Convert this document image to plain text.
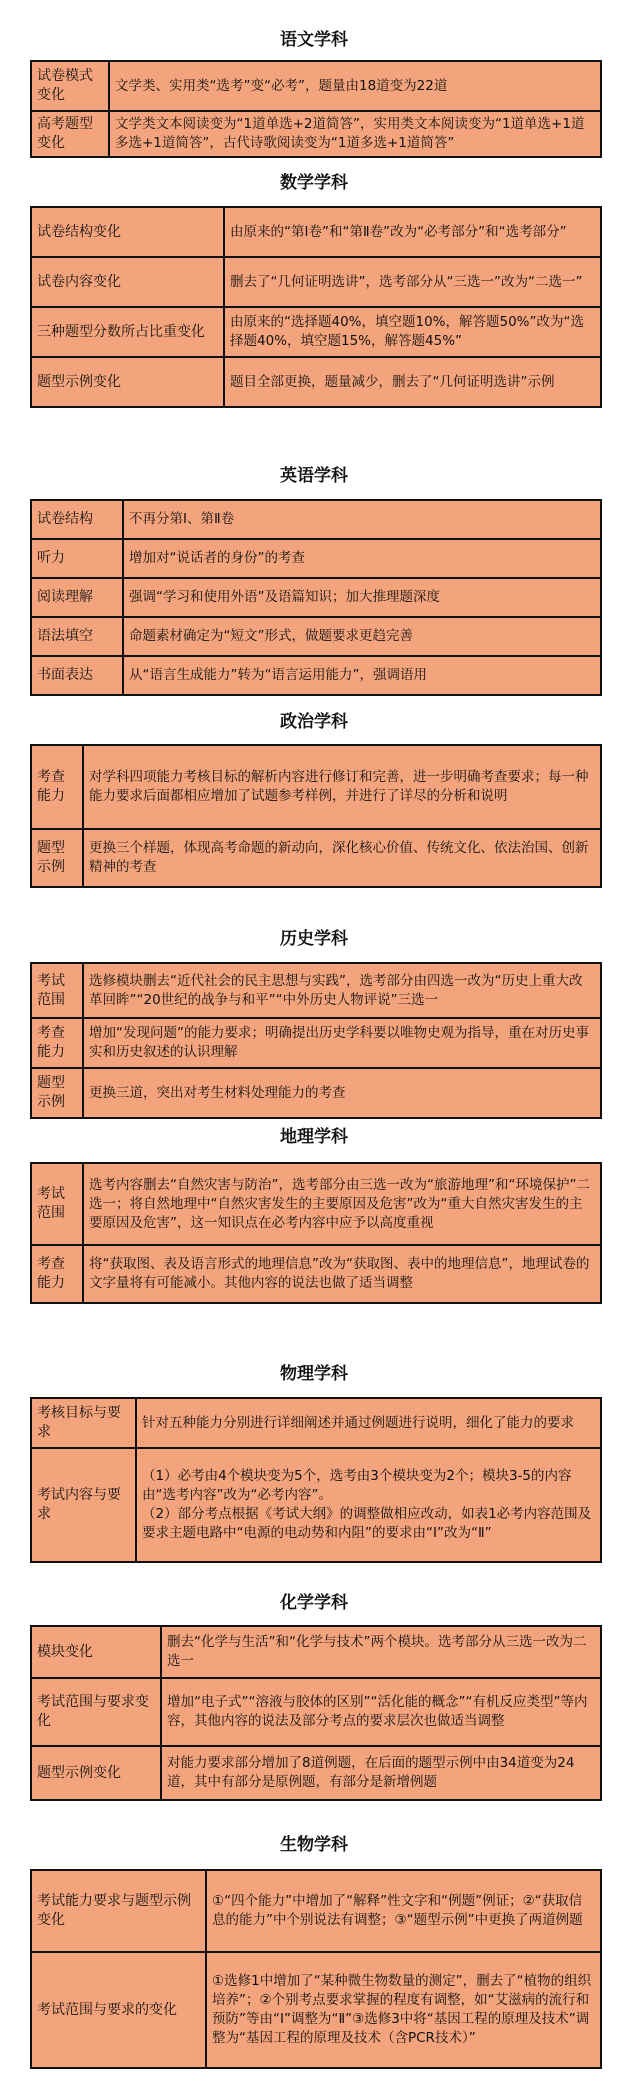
语文学科
试卷模式变化	文学类、实用类“选考”变“必考”，题量由18道变为22道
高考题型变化	文学类文本阅读变为“1道单选+2道简答”，实用类文本阅读变为“1道单选+1道多选+1道简答”，古代诗歌阅读变为“1道多选+1道简答”
数学学科
试卷结构变化	由原来的“第Ⅰ卷”和“第Ⅱ卷”改为“必考部分”和“选考部分”
试卷内容变化	删去了“几何证明选讲”，选考部分从“三选一”改为“二选一”
三种题型分数所占比重变化	由原来的“选择题40%，填空题10%，解答题50%”改为“选择题40%，填空题15%，解答题45%”
题型示例变化	题目全部更换，题量减少，删去了“几何证明选讲”示例
英语学科
试卷结构	不再分第Ⅰ、第Ⅱ卷
听力	增加对“说话者的身份”的考查
阅读理解	强调“学习和使用外语”及语篇知识；加大推理题深度
语法填空	命题素材确定为“短文”形式，做题要求更趋完善
书面表达	从“语言生成能力”转为“语言运用能力”，强调语用
政治学科
考查能力	对学科四项能力考核目标的解析内容进行修订和完善，进一步明确考查要求；每一种能力要求后面都相应增加了试题参考样例，并进行了详尽的分析和说明
题型示例	更换三个样题，体现高考命题的新动向，深化核心价值、传统文化、依法治国、创新精神的考查
历史学科
考试范围	选修模块删去“近代社会的民主思想与实践”，选考部分由四选一改为“历史上重大改革回眸”“20世纪的战争与和平”“中外历史人物评说”三选一
考查能力	增加“发现问题”的能力要求；明确提出历史学科要以唯物史观为指导，重在对历史事实和历史叙述的认识理解
题型示例	更换三道，突出对考生材料处理能力的考查
地理学科
考试范围	选考内容删去“自然灾害与防治”，选考部分由三选一改为“旅游地理”和“环境保护”二选一；将自然地理中“自然灾害发生的主要原因及危害”改为“重大自然灾害发生的主要原因及危害”，这一知识点在必考内容中应予以高度重视
考查能力	将“获取图、表及语言形式的地理信息”改为“获取图、表中的地理信息”，地理试卷的文字量将有可能减小。其他内容的说法也做了适当调整
物理学科
考核目标与要求	针对五种能力分别进行详细阐述并通过例题进行说明，细化了能力的要求
考试内容与要求	（1）必考由4个模块变为5个，选考由3个模块变为2个；模块3-5的内容由“选考内容”改为“必考内容”。
（2）部分考点根据《考试大纲》的调整做相应改动，如表1必考内容范围及要求主题电路中“电源的电动势和内阻”的要求由“Ⅰ”改为“Ⅱ”
化学学科
模块变化	删去“化学与生活”和“化学与技术”两个模块。选考部分从三选一改为二选一
考试范围与要求变化	增加“电子式”“溶液与胶体的区别”“活化能的概念”“有机反应类型”等内容，其他内容的说法及部分考点的要求层次也做适当调整
题型示例变化	对能力要求部分增加了8道例题，在后面的题型示例中由34道变为24道，其中有部分是原例题，有部分是新增例题
生物学科
考试能力要求与题型示例变化	①“四个能力”中增加了“解释”性文字和“例题”例证；②“获取信息的能力”中个别说法有调整；③“题型示例”中更换了两道例题
考试范围与要求的变化	①选修1中增加了“某种微生物数量的测定”，删去了“植物的组织培养”；②个别考点要求掌握的程度有调整，如“艾滋病的流行和预防”等由“Ⅰ”调整为“Ⅱ”③选修3中将“基因工程的原理及技术”调整为“基因工程的原理及技术（含PCR技术）”
